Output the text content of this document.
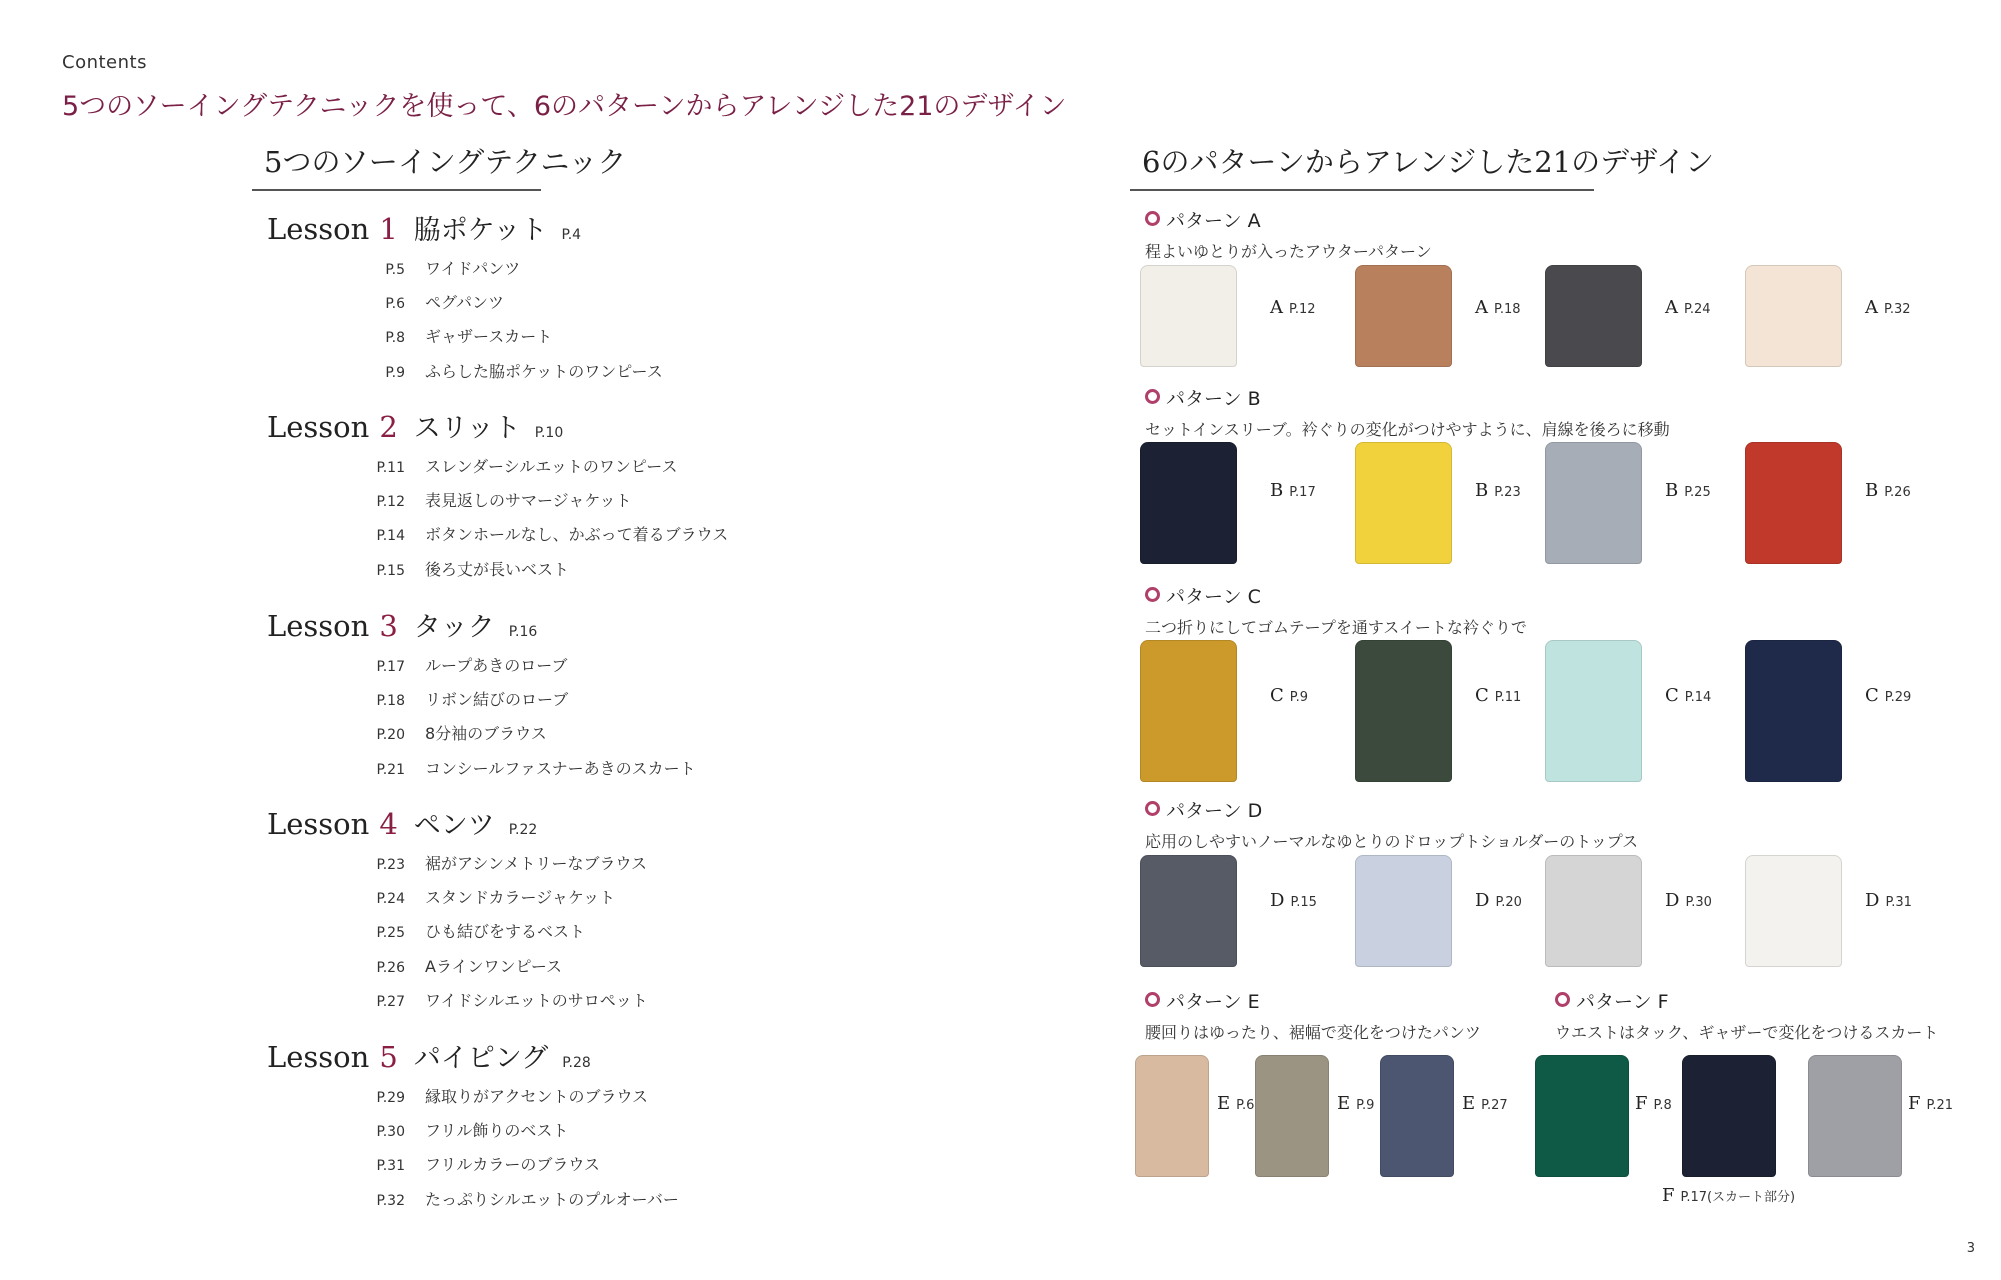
Contents
5つのソーイングテクニックを使って、6のパターンからアレンジした21のデザイン
5つのソーイングテクニック	6のパターンからアレンジした21のデザイン
Lesson 1 脇ポケット P.4
P.5 ワイドパンツ
P.6 ペグパンツ
P.8 ギャザースカート
P.9 ふらした脇ポケットのワンピース
Lesson 2 スリット P.10
P.11 スレンダーシルエットのワンピース
P.12 表見返しのサマージャケット
P.14 ボタンホールなし、かぶって着るブラウス
P.15 後ろ丈が長いベスト
Lesson 3 タック P.16
P.17 ループあきのローブ
P.18 リボン結びのローブ
P.20 8分袖のブラウス
P.21 コンシールファスナーあきのスカート
Lesson 4 ペンツ P.22
P.23 裾がアシンメトリーなブラウス
P.24 スタンドカラージャケット
P.25 ひも結びをするベスト
P.26 Aラインワンピース
P.27 ワイドシルエットのサロペット
Lesson 5 パイピング P.28
P.29 縁取りがアクセントのブラウス
P.30 フリル飾りのベスト
P.31 フリルカラーのブラウス
P.32 たっぷりシルエットのプルオーバー
パターン A
程よいゆとりが入ったアウターパターン
A P.12	A P.18	A P.24	A P.32
パターン B
セットインスリーブ。衿ぐりの変化がつけやすように、肩線を後ろに移動
B P.17	B P.23	B P.25	B P.26
パターン C
二つ折りにしてゴムテープを通すスイートな衿ぐりで
C P.9	C P.11	C P.14	C P.29
パターン D
応用のしやすいノーマルなゆとりのドロップトショルダーのトップス
D P.15	D P.20	D P.30	D P.31
パターン E
腰回りはゆったり、裾幅で変化をつけたパンツ
E P.6	E P.9	E P.27
パターン F
ウエストはタック、ギャザーで変化をつけるスカート
F P.8
F P.17(スカート部分)
F P.21
3
